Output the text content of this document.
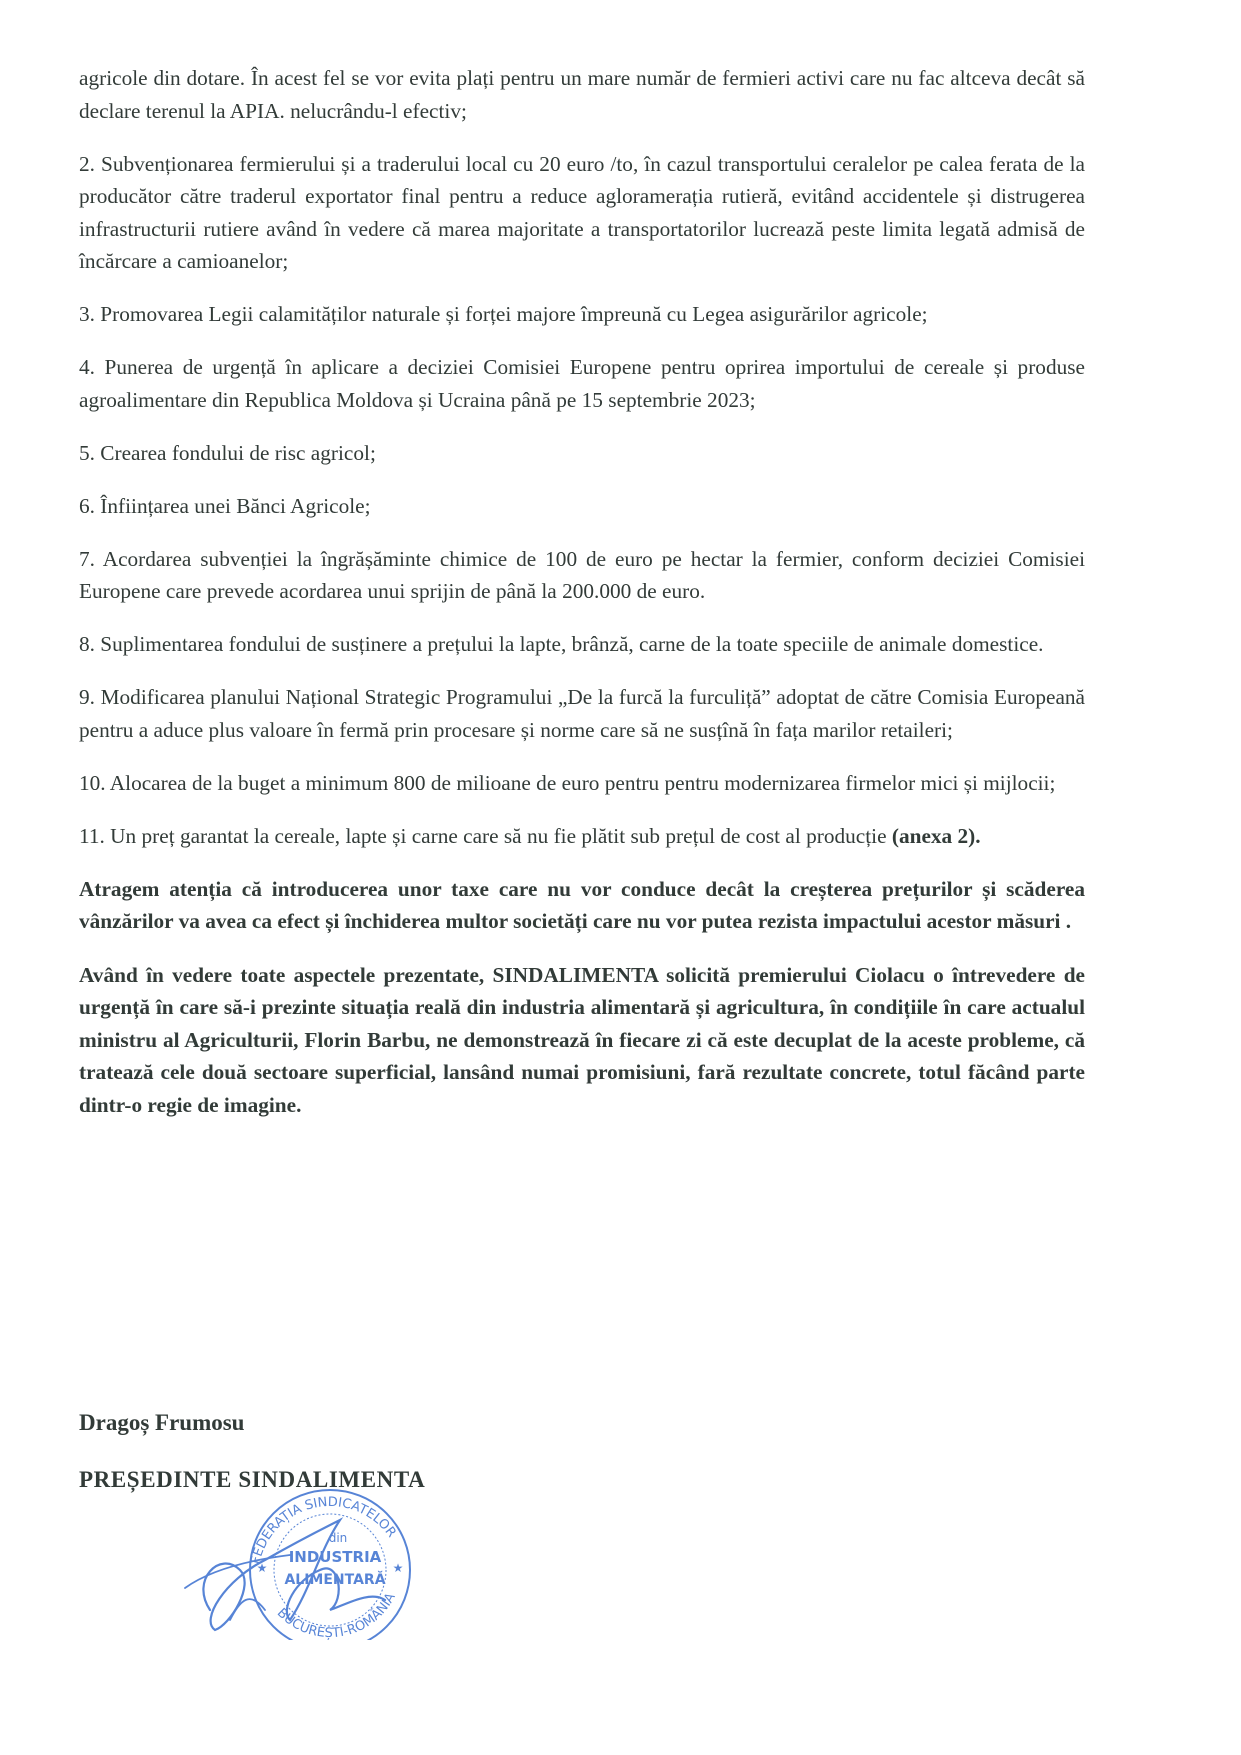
agricole din dotare. În acest fel se vor evita plați pentru un mare număr de fermieri activi care nu fac altceva decât să declare terenul la APIA. nelucrându-l efectiv;

2. Subvenționarea fermierului și a traderului local cu 20 euro /to, în cazul transportului ceralelor pe calea ferata de la producător către traderul exportator final pentru a reduce agloramerația rutieră, evitând accidentele și distrugerea infrastructurii rutiere având în vedere că marea majoritate a transportatorilor lucrează peste limita legată admisă de încărcare a camioanelor;

3. Promovarea Legii calamităților naturale și forței majore împreună cu Legea asigurărilor agricole;

4. Punerea de urgență în aplicare a deciziei Comisiei Europene pentru oprirea importului de cereale și produse agroalimentare din Republica Moldova și Ucraina până pe 15 septembrie 2023;

5. Crearea fondului de risc agricol;

6. Înființarea unei Bănci Agricole;

7. Acordarea subvenției la îngrășăminte chimice de 100 de euro pe hectar la fermier, conform deciziei Comisiei Europene care prevede acordarea unui sprijin de până la 200.000 de euro.

8. Suplimentarea fondului de susținere a prețului la lapte, brânză, carne de la toate speciile de animale domestice.

9. Modificarea planului Național Strategic Programului „De la furcă la furculiță” adoptat de către Comisia Europeană pentru a aduce plus valoare în fermă prin procesare și norme care să ne susțînă în fața marilor retaileri;

10. Alocarea de la buget a minimum 800 de milioane de euro pentru pentru modernizarea firmelor mici și mijlocii;

11. Un preț garantat la cereale, lapte și carne care să nu fie plătit sub prețul de cost al producție (anexa 2).

Atragem atenția că introducerea unor taxe care nu vor conduce decât la creșterea prețurilor și scăderea vânzărilor va avea ca efect și închiderea multor societăți care nu vor putea rezista impactului acestor măsuri .

Având în vedere toate aspectele prezentate, SINDALIMENTA solicită premierului Ciolacu o întrevedere de urgență în care să-i prezinte situația reală din industria alimentară și agricultura, în condițiile în care actualul ministru al Agriculturii, Florin Barbu, ne demonstrează în fiecare zi că este decuplat de la aceste probleme, că tratează cele două sectoare superficial, lansând numai promisiuni, fară rezultate concrete, totul făcând parte dintr-o regie de imagine.

Dragoș Frumosu

PREȘEDINTE SINDALIMENTA

FEDERAȚIA SINDICATELOR
BUCUREȘTI-ROMÂNIA
din
INDUSTRIA
ALIMENTARĂ
★
★
